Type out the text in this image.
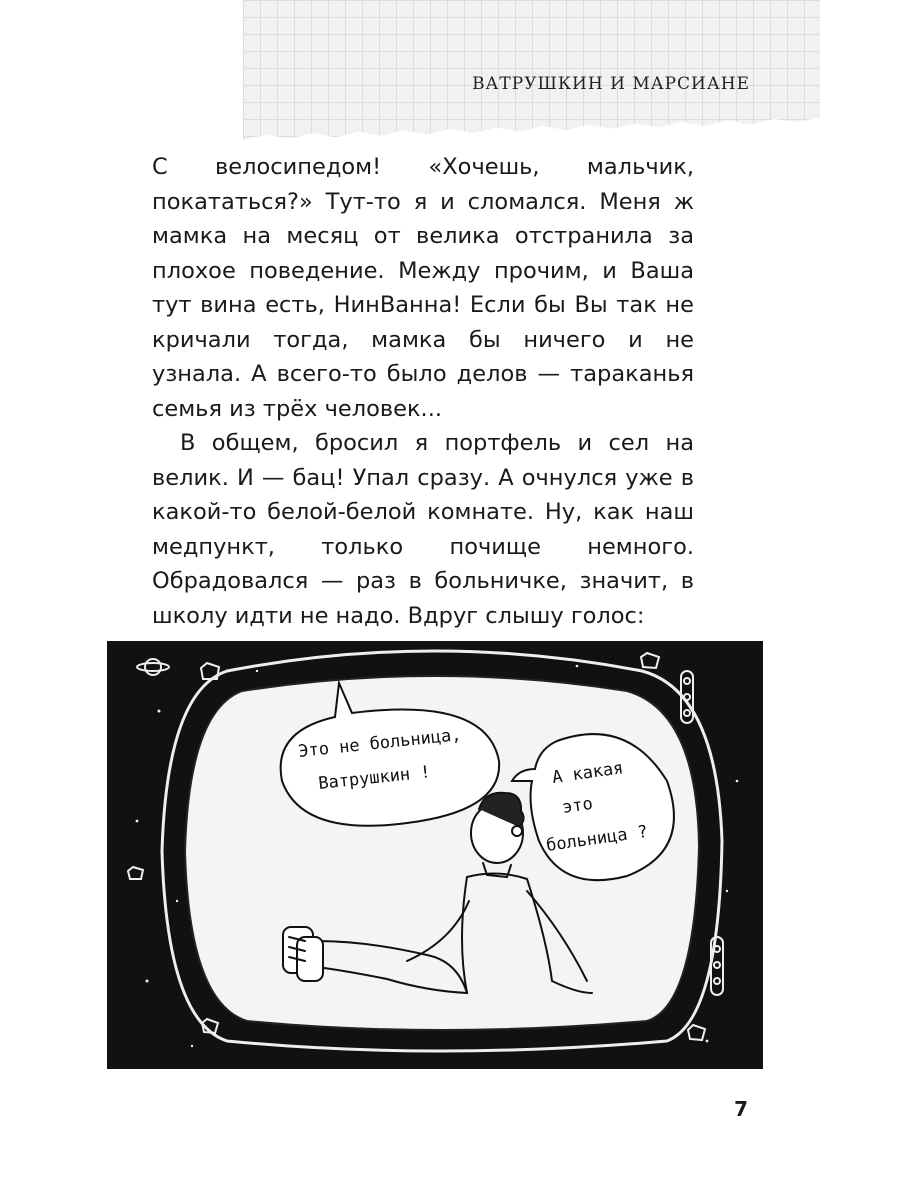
ВАТРУШКИН И МАРСИАНЕ

С велосипедом! «Хочешь, мальчик, покататься?» Тут-то я и сломался. Меня ж мамка на месяц от велика отстранила за плохое поведение. Между прочим, и Ваша тут вина есть, НинВанна! Если бы Вы так не кричали тогда, мамка бы ничего и не узнала. А всего-то было делов — тараканья семья из трёх человек...

В общем, бросил я портфель и сел на велик. И — бац! Упал сразу. А очнулся уже в какой-то белой-белой комнате. Ну, как наш медпункт, только почище немного. Обрадовался — раз в больничке, значит, в школу идти не надо. Вдруг слышу голос:

Это не больница,
Ватрушкин !	А какая
это
больница ?
7
